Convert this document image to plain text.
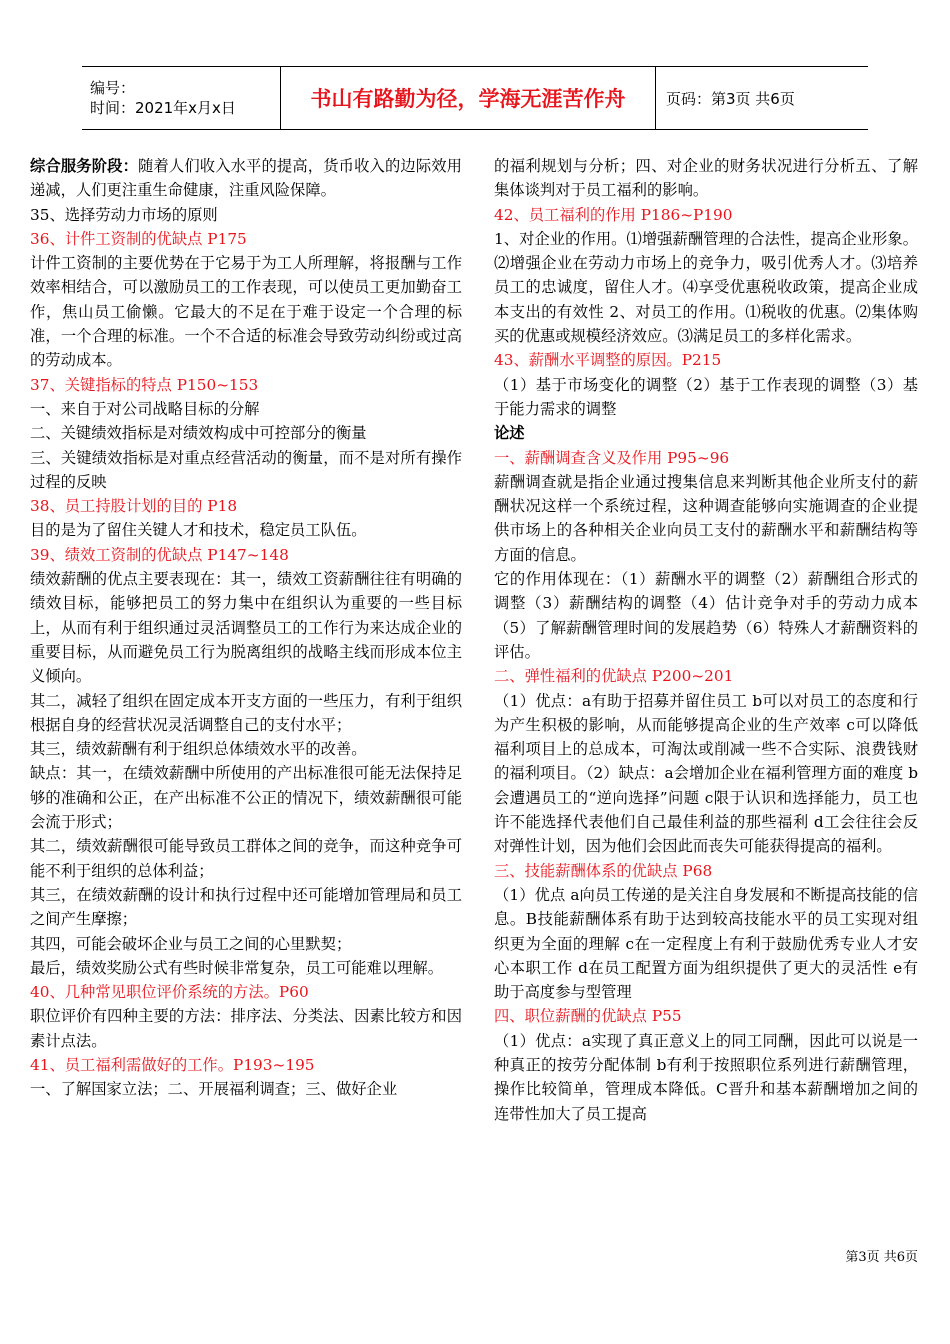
编号：
时间：2021年x月x日	书山有路勤为径，学海无涯苦作舟	页码：第3页 共6页

综合服务阶段：随着人们收入水平的提高，货币收入的边际效用递减，人们更注重生命健康，注重风险保障。

35、选择劳动力市场的原则

36、计件工资制的优缺点 P175

计件工资制的主要优势在于它易于为工人所理解，将报酬与工作效率相结合，可以激励员工的工作表现，可以使员工更加勤奋工作，焦山员工偷懒。它最大的不足在于难于设定一个合理的标准，一个合理的标准。一个不合适的标准会导致劳动纠纷或过高的劳动成本。

37、关键指标的特点 P150~153

一、来自于对公司战略目标的分解

二、关键绩效指标是对绩效构成中可控部分的衡量

三、关键绩效指标是对重点经营活动的衡量，而不是对所有操作过程的反映

38、员工持股计划的目的 P18

目的是为了留住关键人才和技术，稳定员工队伍。

39、绩效工资制的优缺点 P147~148

绩效薪酬的优点主要表现在：其一，绩效工资薪酬往往有明确的绩效目标，能够把员工的努力集中在组织认为重要的一些目标上，从而有利于组织通过灵活调整员工的工作行为来达成企业的重要目标，从而避免员工行为脱离组织的战略主线而形成本位主义倾向。

其二，减轻了组织在固定成本开支方面的一些压力，有利于组织根据自身的经营状况灵活调整自己的支付水平；

其三，绩效薪酬有利于组织总体绩效水平的改善。

缺点：其一，在绩效薪酬中所使用的产出标准很可能无法保持足够的准确和公正，在产出标准不公正的情况下，绩效薪酬很可能会流于形式；

其二，绩效薪酬很可能导致员工群体之间的竞争，而这种竞争可能不利于组织的总体利益；

其三，在绩效薪酬的设计和执行过程中还可能增加管理局和员工之间产生摩擦；

其四，可能会破坏企业与员工之间的心里默契；

最后，绩效奖励公式有些时候非常复杂，员工可能难以理解。

40、几种常见职位评价系统的方法。P60

职位评价有四种主要的方法：排序法、分类法、因素比较方和因素计点法。

41、员工福利需做好的工作。P193~195

一、了解国家立法；二、开展福利调查；三、做好企业

的福利规划与分析；四、对企业的财务状况进行分析五、了解集体谈判对于员工福利的影响。

42、员工福利的作用 P186~P190

1、对企业的作用。⑴增强薪酬管理的合法性，提高企业形象。⑵增强企业在劳动力市场上的竞争力，吸引优秀人才。⑶培养员工的忠诚度，留住人才。⑷享受优惠税收政策，提高企业成本支出的有效性 2、对员工的作用。⑴税收的优惠。⑵集体购买的优惠或规模经济效应。⑶满足员工的多样化需求。

43、薪酬水平调整的原因。P215

（1）基于市场变化的调整（2）基于工作表现的调整（3）基于能力需求的调整

论述

一、薪酬调查含义及作用 P95~96

薪酬调查就是指企业通过搜集信息来判断其他企业所支付的薪酬状况这样一个系统过程，这种调查能够向实施调查的企业提供市场上的各种相关企业向员工支付的薪酬水平和薪酬结构等方面的信息。

它的作用体现在：（1）薪酬水平的调整（2）薪酬组合形式的调整（3）薪酬结构的调整（4）估计竞争对手的劳动力成本（5）了解薪酬管理时间的发展趋势（6）特殊人才薪酬资料的评估。

二、弹性福利的优缺点 P200~201

（1）优点：a有助于招募并留住员工 b可以对员工的态度和行为产生积极的影响，从而能够提高企业的生产效率 c可以降低福利项目上的总成本，可淘汰或削减一些不合实际、浪费钱财的福利项目。（2）缺点：a会增加企业在福利管理方面的难度 b会遭遇员工的“逆向选择”问题 c限于认识和选择能力，员工也许不能选择代表他们自己最佳利益的那些福利 d工会往往会反对弹性计划，因为他们会因此而丧失可能获得提高的福利。

三、技能薪酬体系的优缺点 P68

（1）优点 a向员工传递的是关注自身发展和不断提高技能的信息。B技能薪酬体系有助于达到较高技能水平的员工实现对组织更为全面的理解 c在一定程度上有利于鼓励优秀专业人才安心本职工作 d在员工配置方面为组织提供了更大的灵活性 e有助于高度参与型管理

四、职位薪酬的优缺点 P55

（1）优点：a实现了真正意义上的同工同酬，因此可以说是一种真正的按劳分配体制 b有利于按照职位系列进行薪酬管理，操作比较简单，管理成本降低。C晋升和基本薪酬增加之间的连带性加大了员工提高

第3页 共6页
